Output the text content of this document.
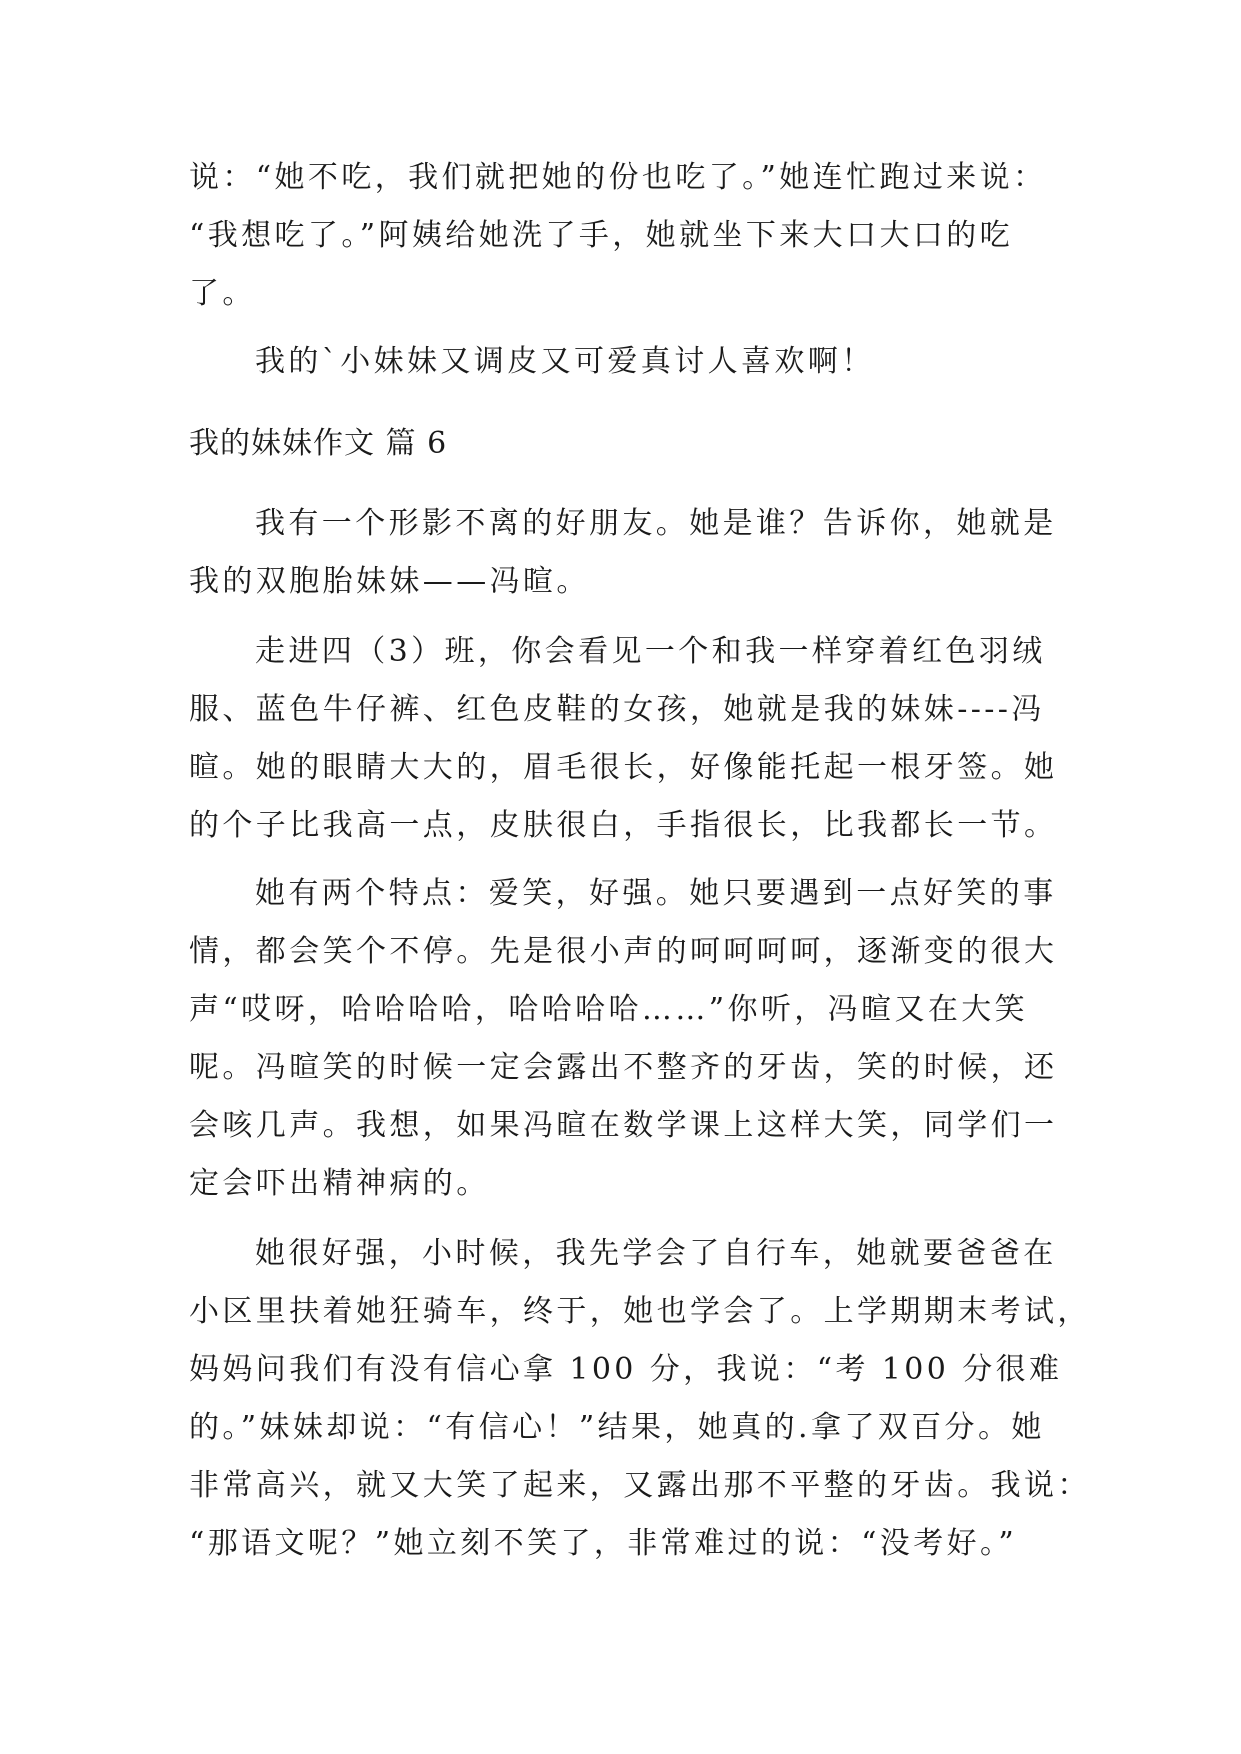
说：“她不吃，我们就把她的份也吃了。”她连忙跑过来说：
“我想吃了。”阿姨给她洗了手，她就坐下来大口大口的吃
了。
我的`小妹妹又调皮又可爱真讨人喜欢啊！
我的妹妹作文 篇 6
我有一个形影不离的好朋友。她是谁？告诉你，她就是
我的双胞胎妹妹——冯暄。
走进四（3）班，你会看见一个和我一样穿着红色羽绒
服、蓝色牛仔裤、红色皮鞋的女孩，她就是我的妹妹----冯
暄。她的眼睛大大的，眉毛很长，好像能托起一根牙签。她
的个子比我高一点，皮肤很白，手指很长，比我都长一节。
她有两个特点：爱笑，好强。她只要遇到一点好笑的事
情，都会笑个不停。先是很小声的呵呵呵呵，逐渐变的很大
声“哎呀，哈哈哈哈，哈哈哈哈……”你听，冯暄又在大笑
呢。冯暄笑的时候一定会露出不整齐的牙齿，笑的时候，还
会咳几声。我想，如果冯暄在数学课上这样大笑，同学们一
定会吓出精神病的。
她很好强，小时候，我先学会了自行车，她就要爸爸在
小区里扶着她狂骑车，终于，她也学会了。上学期期末考试，
妈妈问我们有没有信心拿 100 分，我说：“考 100 分很难
的。”妹妹却说：“有信心！”结果，她真的.拿了双百分。她
非常高兴，就又大笑了起来，又露出那不平整的牙齿。我说：
“那语文呢？”她立刻不笑了，非常难过的说：“没考好。”
